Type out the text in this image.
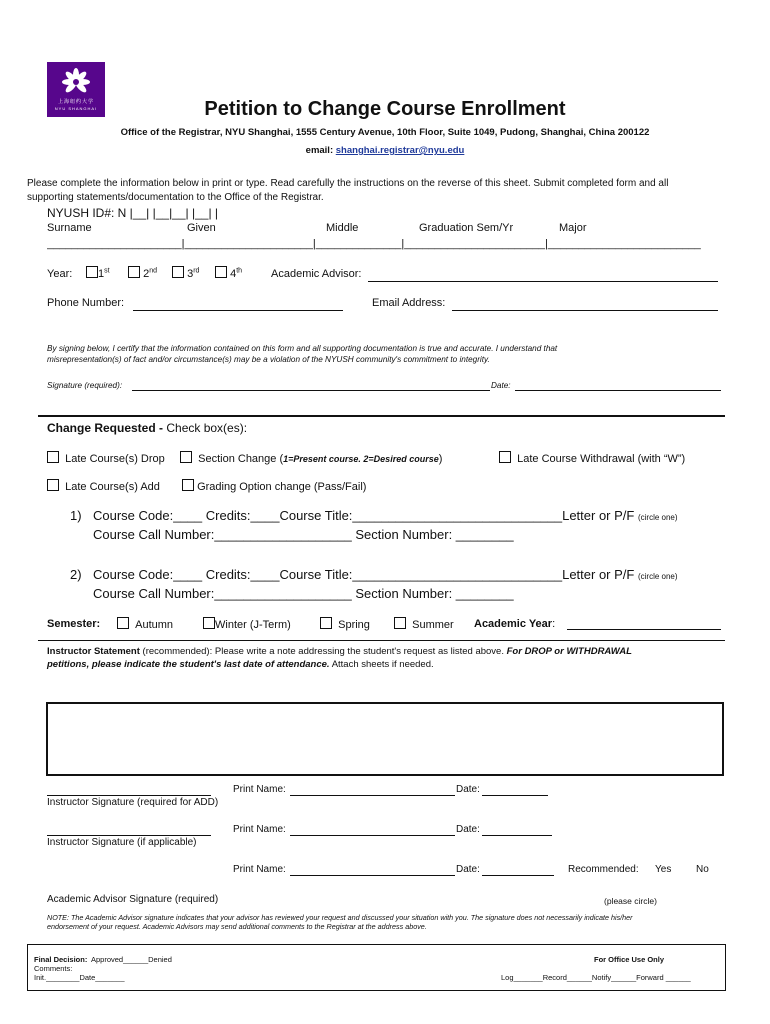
上海纽约大学
NYU SHANGHAI	Petition to Change Course Enrollment
Office of the Registrar, NYU Shanghai, 1555 Century Avenue, 10th Floor, Suite 1049, Pudong, Shanghai, China 200122
email: shanghai.registrar@nyu.edu
Please complete the information below in print or type. Read carefully the instructions on the reverse of this sheet. Submit completed form and all
supporting statements/documentation to the Office of the Registrar.
NYUSH ID#: N |__| |__|__| |__| |
Surname	Given	Middle	Graduation Sem/Yr	Major
______________________|_____________________|______________|_______________________|_________________________
Year:	1st	2nd	3rd	4th	Academic Advisor:
Phone Number:	Email Address:
By signing below, I certify that the information contained on this form and all supporting documentation is true and accurate. I understand that
misrepresentation(s) of fact and/or circumstance(s) may be a violation of the NYUSH community's commitment to integrity.
Signature (required):	Date:
Change Requested - Check box(es):
Late Course(s) Drop	Section Change (1=Present course. 2=Desired course)	Late Course Withdrawal (with “W”)
Late Course(s) Add	Grading Option change (Pass/Fail)
1) Course Code:____ Credits:____Course Title:_____________________________Letter or P/F (circle one)
Course Call Number:___________________ Section Number: ________
2) Course Code:____ Credits:____Course Title:_____________________________Letter or P/F (circle one)
Course Call Number:___________________ Section Number: ________
Semester:	Autumn	Winter (J-Term)	Spring	Summer Academic Year:
Instructor Statement (recommended): Please write a note addressing the student's request as listed above. For DROP or WITHDRAWAL
petitions, please indicate the student's last date of attendance. Attach sheets if needed.
Print Name:	Date:
Instructor Signature (required for ADD)
Print Name:	Date:
Instructor Signature (if applicable)
Print Name:	Date:	Recommended: Yes No
Academic Advisor Signature (required)	(please circle)
NOTE: The Academic Advisor signature indicates that your advisor has reviewed your request and discussed your situation with you. The signature does not necessarily indicate his/her
endorsement of your request. Academic Advisors may send additional comments to the Registrar at the address above.
Final Decision: Approved______Denied	For Office Use Only
Comments:
Init.________Date_______	Log_______Record______Notify______Forward ______
